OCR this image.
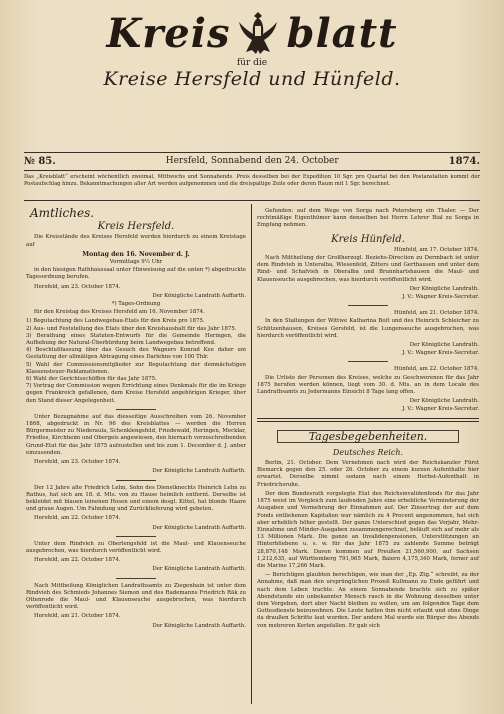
Kreis blatt
für die
Kreise Hersfeld und Hünfeld.
№ 85.	Hersfeld, Sonnabend den 24. October	1874.
Das „Kreisblatt“ erscheint wöchentlich zweimal, Mittwochs und Sonnabends. Preis desselben bei der Expedition 10 Sgr. pro Quartal bei den Postanstalten kommt der Postaufschlag hinzu. Bekanntmachungen aller Art werden aufgenommen und die dreispaltige Zeile oder deren Raum mit 1 Sgr. berechnet.
Amtliches.
Kreis Hersfeld.
Die Kreisstände des Kreises Hersfeld werden hierdurch zu einem Kreistage auf
Montag den 16. November d. J.
Vormittags 9½ Uhr
in den hiesigen Rathhaussaal unter Hinweisung auf die unten *) abgedruckte Tagesordnung berufen.
Hersfeld, am 23. October 1874.
Der Königliche Landrath Auffarth.
*) Tages-Ordnung
für den Kreistag des Kreises Hersfeld am 16. November 1874.
1) Begutachtung des Landwegebau-Etats für den Kreis pro 1875.
2) Aus- und Feststellung des Etats über den Kreishaushalt für das Jahr 1875.
3) Berathung eines Statuten-Entwurfs für die Gemeinde Heringen, die Aufhebung der Natural-Überbürdung beim Landwegebau betreffend.
4) Beschlußfassung über das Gesuch des Wagners Konrad Kee daher um Gestattung der allmäligen Abtragung eines Darlehns von 100 Thlr.
5) Wahl der Commissionsmitglieder zur Begutachtung der demnächstigen Klassensteuer-Reklamationen.
6) Wahl der Gerichtsschöffen für das Jahr 1875.
7) Vortrag der Commission wegen Errichtung eines Denkmals für die im Kriege gegen Frankreich gefallenen, dem Kreise Hersfeld angehörigen Krieger, über den Stand dieser Angelegenheit.
Unter Bezugnahme auf das diesseitige Ausschreiben vom 26. November 1868, abgedruckt in Nr. 96 des Kreisblattes — werden die Herren Bürgermeister zu Niederaula, Schenklengsfeld, Friedewald, Heringen, Mecklar, Friedlos, Kirchheim und Obergeis angewiesen, den hiernach vorzuschreibenden Grund-Etat für das Jahr 1875 aufzustellen und bis zum 1. December d. J. anher einzusenden.
Hersfeld, am 23. October 1874.
Der Königliche Landrath Auffarth.
Der 12 Jahre alte Friedrich Lehn, Sohn des Dienstknechts Heinrich Lehn zu Rathus, hat sich am 18. d. Mts. von zu Hause heimlich entfernt. Derselbe ist bekleidet mit blauen leinenen Hosen und einem desgl. Kittel, hat blonde Haare und graue Augen. Um Fahndung und Zurücklieferung wird gebeten.
Hersfeld, am 22. October 1874.
Der Königliche Landrath Auffarth.
Unter dem Rindvieh zu Oberlengsfeld ist die Maul- und Klauenseuche ausgebrochen, was hierdurch veröffentlicht wird.
Hersfeld, am 22. October 1874.
Der Königliche Landrath Auffarth.
Nach Mittheilung Königlichen Landrathsamts zu Ziegenhain ist unter dem Rindvieh des Schmieds Johannes Siemon und des Rademanns Friedrich Räk zu Ottenrode die Maul- und Klauenseuche ausgebrochen, was hierdurch veröffentlicht wird.
Hersfeld, am 21. October 1874.
Der Königliche Landrath Auffarth.
Gefunden: auf dem Wege von Sorga nach Petersberg ein Thaler. — Der rechtmäßige Eigenthümer kann denselben bei Herrn Lehrer Bial zu Sorga in Empfang nehmen.
Kreis Hünfeld.
Hünfeld, am 17. October 1874.
Nach Mittheilung der Großherzogl. Beziehs-Direction zu Dermbach ist unter dem Rindvieh in Unteralba, Wiesenfeld, Zitters und Gerthausen und unter dem Rind- und Schafvieh in Oberalba und Brunnhartshausen die Maul- und Klauenseuche ausgebrochen, was hierdurch veröffentlicht wird.
Der Königliche Landrath.
J. V.: Wagner Kreis-Secretar.
Hünfeld, am 21. October 1874.
In den Stallungen der Wittwe Katharina Bolt und des Heinrich Schleicher zu Schlitzenhausen, Kreises Gersfeld, ist die Lungenseuche ausgebrochen, was hierdurch veröffentlicht wird.
Der Königliche Landrath.
J. V.: Wagner Kreis-Secretar.
Hünfeld, am 22. October 1874.
Die Urliste der Personen des Kreises, welche zu Geschworenen für das Jahr 1875 berufen werden können, liegt vom 30. d. Mts. an in dem Locale des Landrathsamts zu Jedermanns Einsicht 8 Tage lang offen.
Der Königliche Landrath.
J. V.: Wagner Kreis-Secretar.
Tagesbegebenheiten.
Deutsches Reich.
Berlin, 21. October. Dem Vernehmen nach wird der Reichskanzler Fürst Bismarck gegen den 25. oder 26. October zu einem kurzen Aufenthalte hier erwartet. Derselbe nimmt sodann nach einem Herbst-Aufenthalt in Friedrichsruhe.
Der dem Bundesrath vorgelegte Etat des Reichsinvalidenfonds für das Jahr 1875 weist im Vergleich zum laufenden Jahre eine erhebliche Verminderung der Ausgaben und Vermehrung der Einnahmen auf. Der Zinsertrag der auf dem Fonds entliehenen Kapitalien war nämlich zu 4 Procent angenommen, hat sich aber erheblich höher gestellt. Der ganze Unterschied gegen das Vorjahr, Mehr-Einnahme und Minder-Ausgaben zusammengerechnet, beläuft sich auf mehr als 13 Millionen Mark. Die ganze an Invalidenpensionen, Unterstützungen an Hinterbliebene u. s. w. für das Jahr 1875 zu zahlende Summe beträgt 28,870,148 Mark. Davon kommen auf Preußen 21,560,900, auf Sachsen 1,212,635, auf Württemberg 791,965 Mark, Baiern 4,175,340 Mark, ferner auf die Marine 17,266 Mark.
— Berichtigen glaubten berechtigen, wie man der „Ep. Ztg.“ schreibt, zu der Annahme, daß man den ursprünglichen Prozeß Kullmann zu Ende geführt und nach dem Leben trachte. An einem Sonnabende brachte sich zu später Abendstunde ein unbekannter Mensch rasch in die Wohnung desselben unter dem Vorgeben, dort aber Nacht bleiben zu wollen, um am folgenden Tage dem Gottesdienste beizuwohnen. Die Leute hatten ihm nicht erlaubt und ohne Dinge da draußen Schritte laut wurden. Der andere Mal wurde ein Bürger des Abends von mehreren Kerlen angefallen. Er gab sich
